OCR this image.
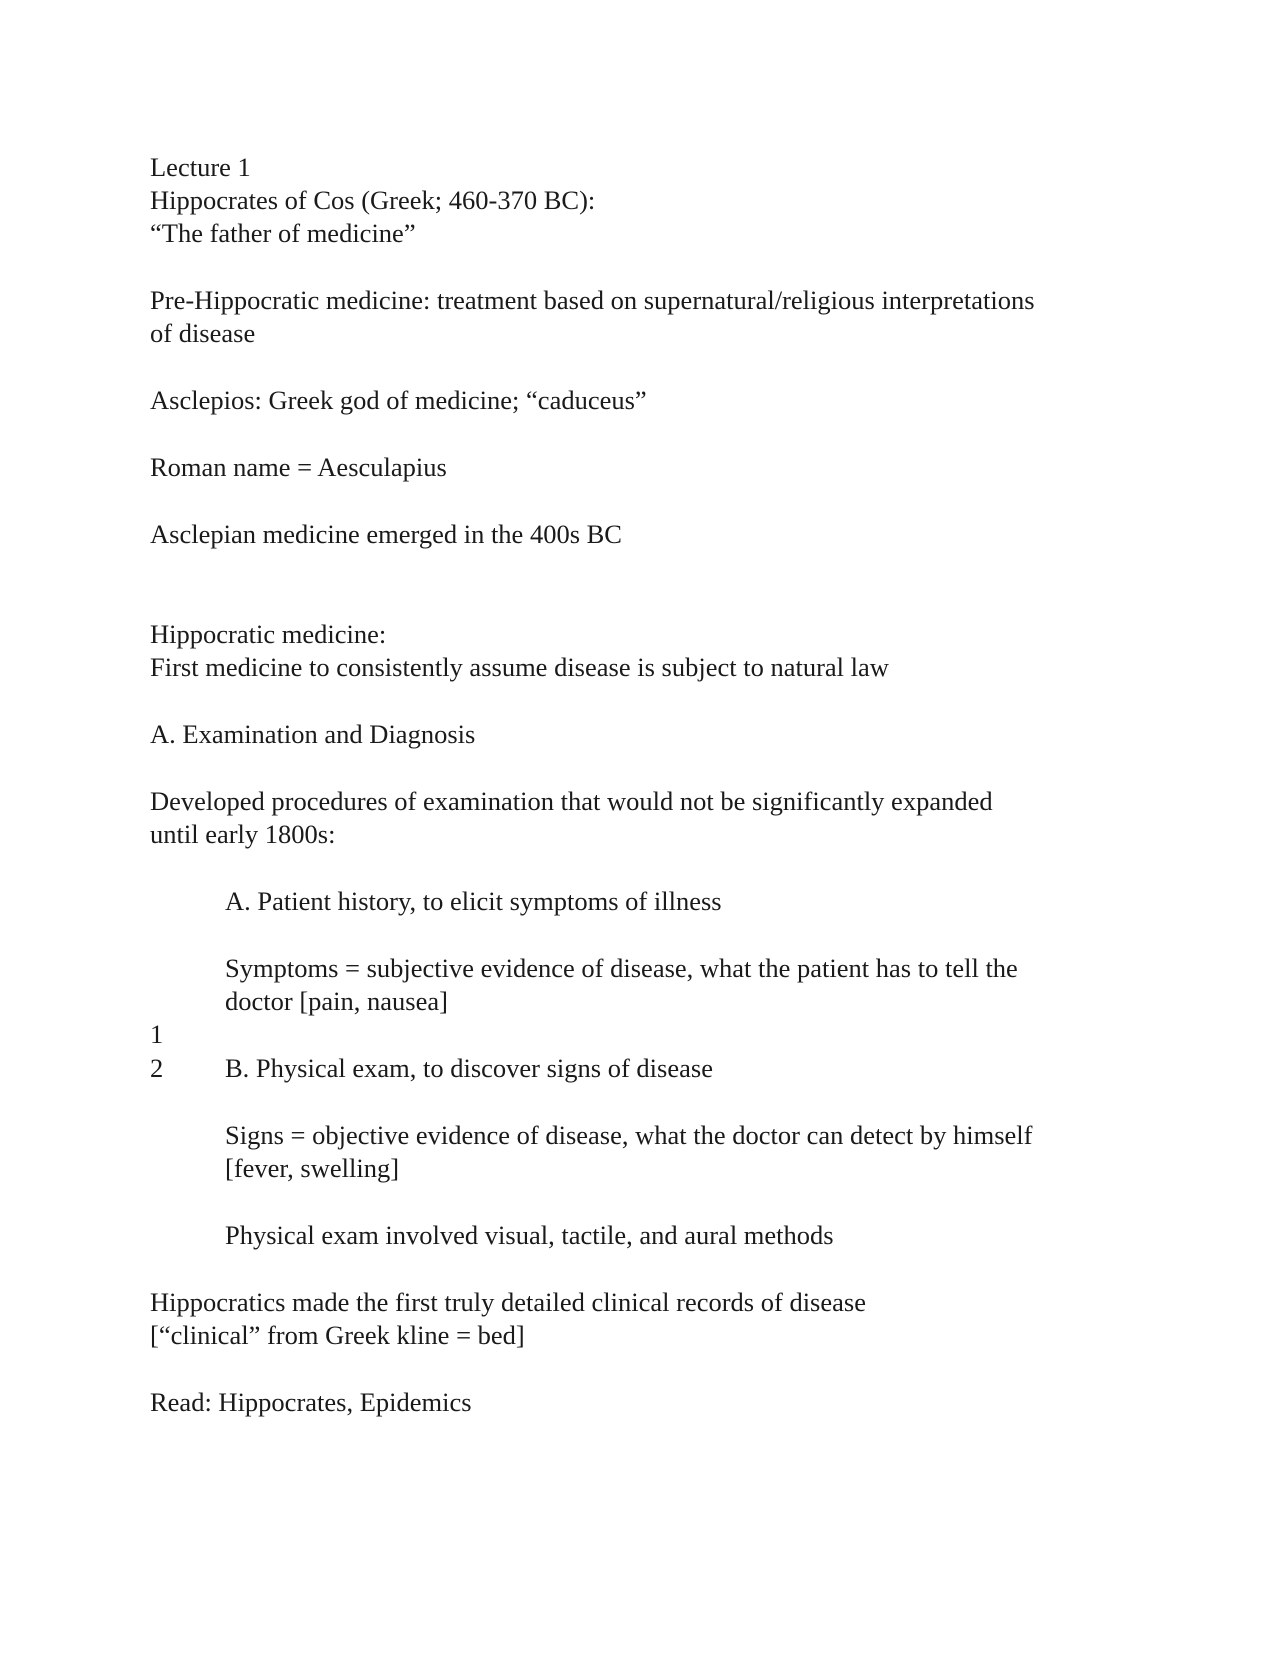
Lecture 1
Hippocrates of Cos (Greek; 460-370 BC):
“The father of medicine”
Pre-Hippocratic medicine: treatment based on supernatural/religious interpretations
of disease
Asclepios: Greek god of medicine; “caduceus”
Roman name = Aesculapius
Asclepian medicine emerged in the 400s BC
Hippocratic medicine:
First medicine to consistently assume disease is subject to natural law
A. Examination and Diagnosis
Developed procedures of examination that would not be significantly expanded
until early 1800s:
A. Patient history, to elicit symptoms of illness
Symptoms = subjective evidence of disease, what the patient has to tell the
doctor [pain, nausea]
1
2 B. Physical exam, to discover signs of disease
Signs = objective evidence of disease, what the doctor can detect by himself
[fever, swelling]
Physical exam involved visual, tactile, and aural methods
Hippocratics made the first truly detailed clinical records of disease
[“clinical” from Greek kline = bed]
Read: Hippocrates, Epidemics
